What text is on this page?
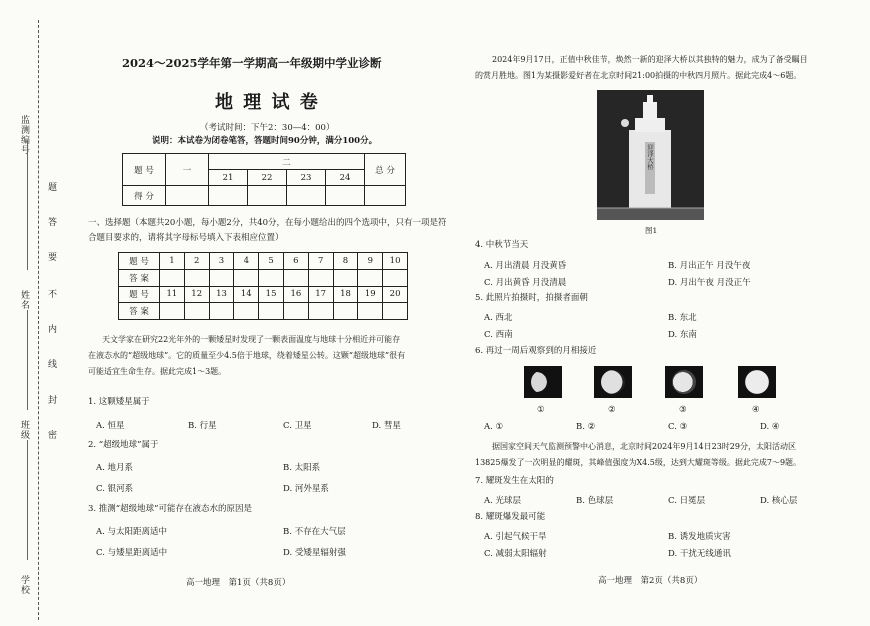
监测编号
姓名
班级
学校
题
答
要
不
内
线
封
密
2024～2025学年第一学期高一年级期中学业诊断
地 理 试 卷
（考试时间：下午2：30—4：00）
说明：本试卷为闭卷笔答，答题时间90分钟，满分100分。
题 号	一	二				总 分
		21	22	23	24	
得 分						
一、选择题（本题共20小题，每小题2分，共40分，在每小题给出的四个选项中，只有一项是符
合题目要求的，请将其字母标号填入下表相应位置）
题 号	1	2	3	4	5	6	7	8	9	10
答 案										
题 号	11	12	13	14	15	16	17	18	19	20
答 案										
天文学家在研究22光年外的一颗矮星时发现了一颗表面温度与地球十分相近并可能存
在液态水的“超级地球”。它的质量至少4.5倍于地球，绕着矮星公转。这颗“超级地球”很有
可能适宜生命生存。据此完成1～3题。
1. 这颗矮星属于
A. 恒星	B. 行星	C. 卫星	D. 彗星
2. “超级地球”属于
A. 地月系	B. 太阳系
C. 银河系	D. 河外星系
3. 推测“超级地球”可能存在液态水的原因是
A. 与太阳距离适中	B. 不存在大气层
C. 与矮星距离适中	D. 受矮星辐射强
高一地理　第1页（共8页）
2024年9月17日，正值中秋佳节，焕然一新的迎泽大桥以其独特的魅力，成为了备受瞩目
的赏月胜地。图1为某摄影爱好者在北京时间21:00拍摄的中秋四月照片。据此完成4～6题。
迎泽大桥
图1
4. 中秋节当天
A. 月出清晨 月没黄昏	B. 月出正午 月没午夜
C. 月出黄昏 月没清晨	D. 月出午夜 月没正午
5. 此照片拍摄时，拍摄者面朝
A. 西北	B. 东北
C. 西南	D. 东南
6. 再过一周后观察到的月相接近
①	②	③	④
A. ①	B. ②	C. ③	D. ④
据国家空间天气监测预警中心消息，北京时间2024年9月14日23时29分，太阳活动区
13825爆发了一次明显的耀斑，其峰值强度为X4.5级，达到大耀斑等级。据此完成7～9题。
7. 耀斑发生在太阳的
A. 光球层	B. 色球层	C. 日冕层	D. 核心层
8. 耀斑爆发最可能
A. 引起气候干旱	B. 诱发地质灾害
C. 减弱太阳辐射	D. 干扰无线通讯
高一地理　第2页（共8页）
